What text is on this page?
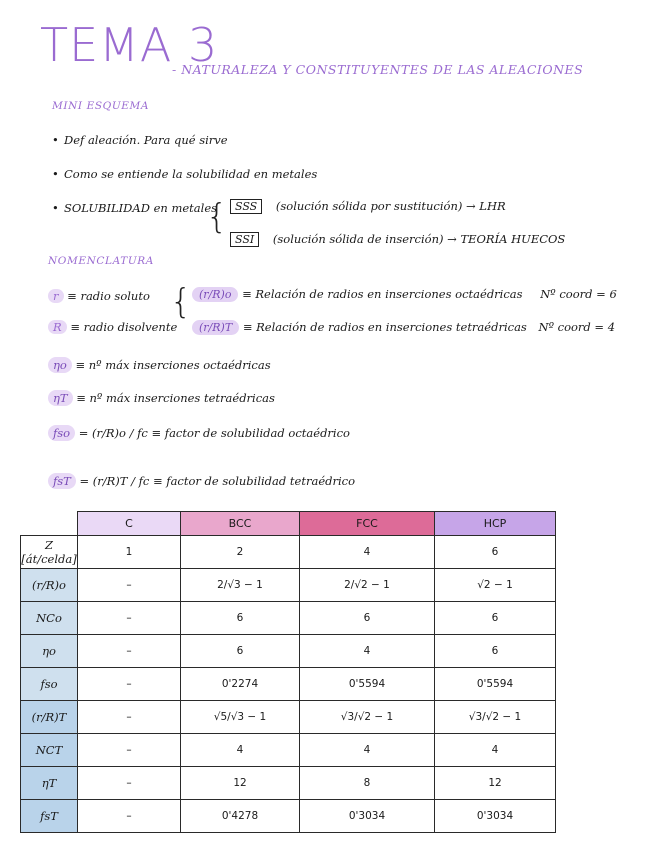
TEMA 3
- NATURALEZA Y CONSTITUYENTES DE LAS ALEACIONES
MINI ESQUEMA
• Def aleación. Para qué sirve
• Como se entiende la solubilidad en metales
• SOLUBILIDAD en metales
{ SSS (solución sólida por sustitución) → LHR
SSI (solución sólida de inserción) → TEORÍA HUECOS
NOMENCLATURA
r ≡ radio soluto
R ≡ radio disolvente
{ (r/R)o ≡ Relación de radios en inserciones octaédricas Nº coord = 6
(r/R)T ≡ Relación de radios en inserciones tetraédricas Nº coord = 4
ηo ≡ nº máx inserciones octaédricas
ηT ≡ nº máx inserciones tetraédricas
fso = (r/R)o / fc ≡ factor de solubilidad octaédrico
fsT = (r/R)T / fc ≡ factor de solubilidad tetraédrico
	C	BCC	FCC	HCP
Z [át/celda]	1	2	4	6
(r/R)o	–	2/√3 − 1	2/√2 − 1	√2 − 1
NCo	–	6	6	6
ηo	–	6	4	6
fso	–	0'2274	0'5594	0'5594
(r/R)T	–	√5/√3 − 1	√3/√2 − 1	√3/√2 − 1
NCT	–	4	4	4
ηT	–	12	8	12
fsT	–	0'4278	0'3034	0'3034
